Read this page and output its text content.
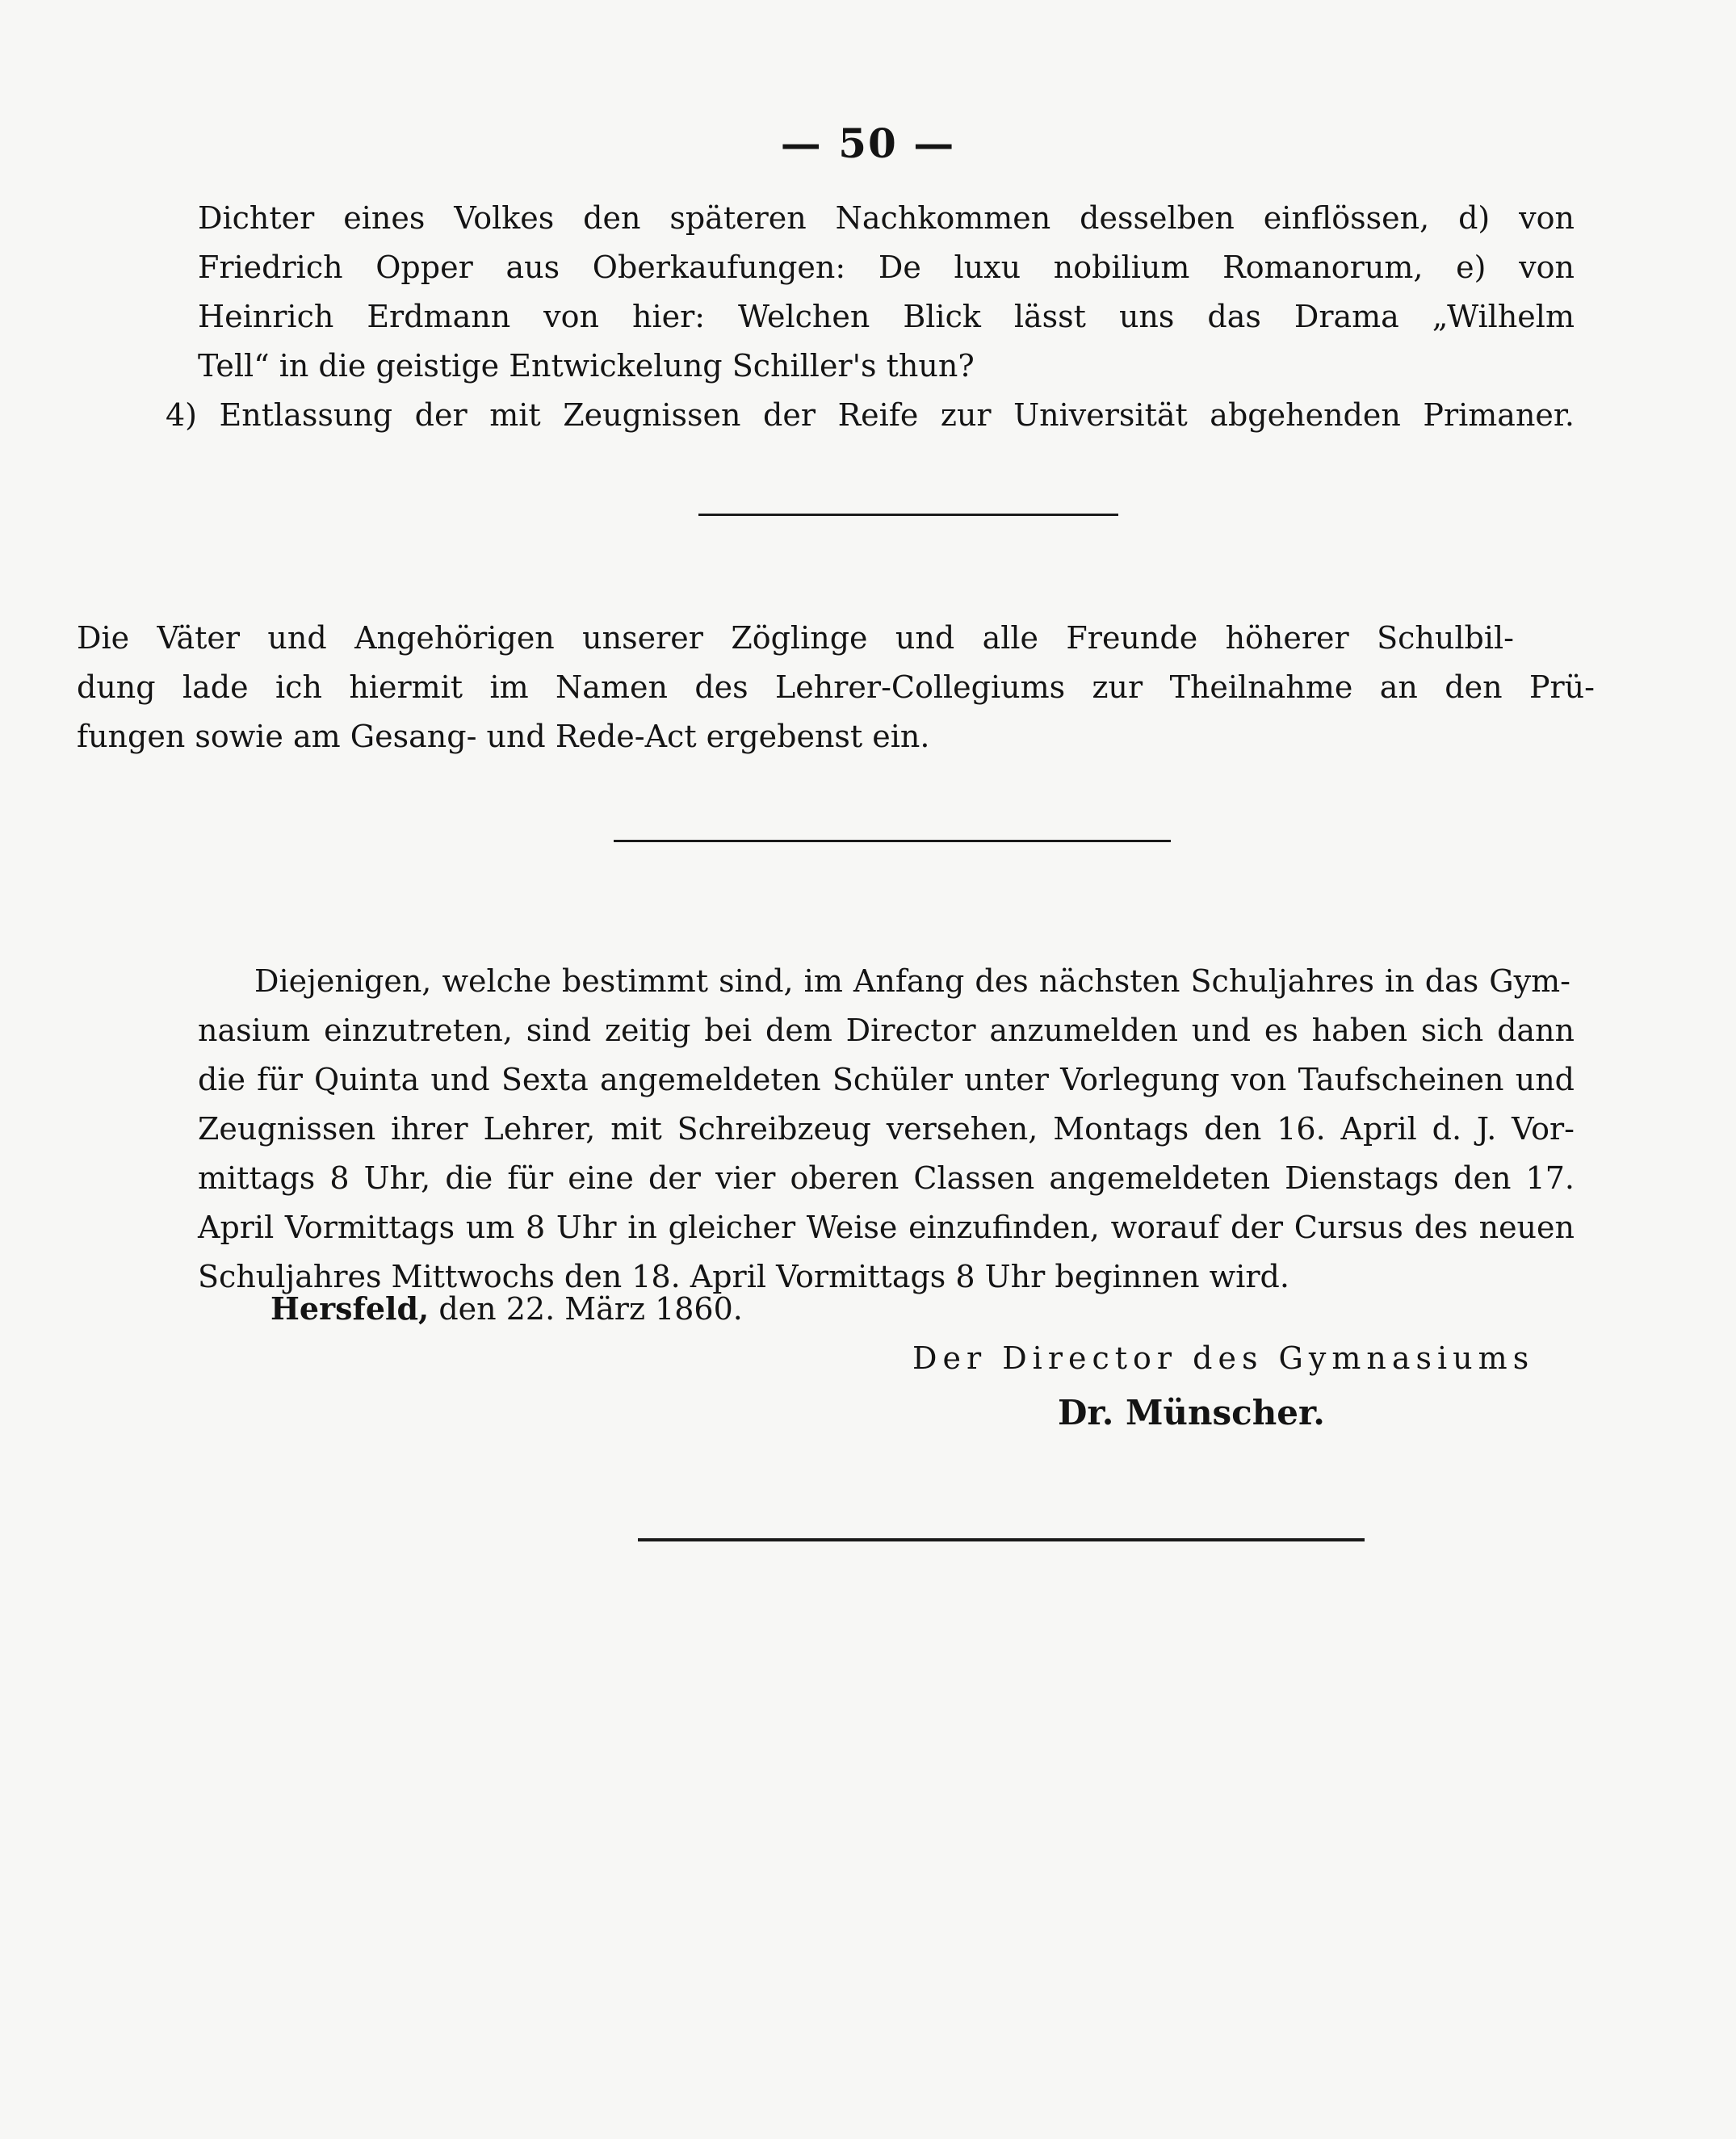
— 50 —
Dichter eines Volkes den späteren Nachkommen desselben einflössen, d) von
Friedrich Opper aus Oberkaufungen: De luxu nobilium Romanorum, e) von
Heinrich Erdmann von hier: Welchen Blick lässt uns das Drama „Wilhelm
Tell“ in die geistige Entwickelung Schiller's thun?
4) Entlassung der mit Zeugnissen der Reife zur Universität abgehenden Primaner.
Die Väter und Angehörigen unserer Zöglinge und alle Freunde höherer Schulbil-
dung lade ich hiermit im Namen des Lehrer-Collegiums zur Theilnahme an den Prü-
fungen sowie am Gesang- und Rede-Act ergebenst ein.
Diejenigen, welche bestimmt sind, im Anfang des nächsten Schuljahres in das Gym-
nasium einzutreten, sind zeitig bei dem Director anzumelden und es haben sich dann
die für Quinta und Sexta angemeldeten Schüler unter Vorlegung von Taufscheinen und
Zeugnissen ihrer Lehrer, mit Schreibzeug versehen, Montags den 16. April d. J. Vor-
mittags 8 Uhr, die für eine der vier oberen Classen angemeldeten Dienstags den 17.
April Vormittags um 8 Uhr in gleicher Weise einzufinden, worauf der Cursus des neuen
Schuljahres Mittwochs den 18. April Vormittags 8 Uhr beginnen wird.
Hersfeld, den 22. März 1860.
Der Director des Gymnasiums
Dr. Münscher.
